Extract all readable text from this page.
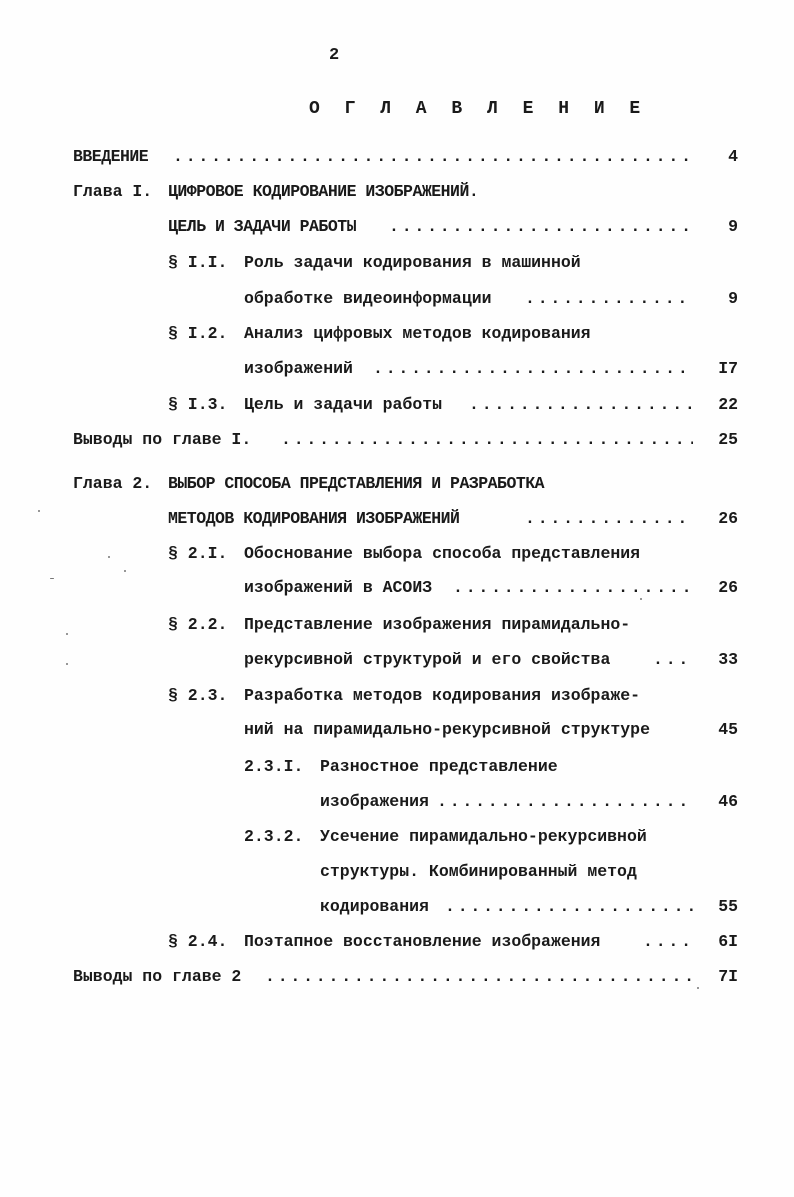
2
О Г Л А В Л Е Н И Е
ВВЕДЕНИЕ .....	4
Глава I. ЦИФРОВОЕ КОДИРОВАНИЕ ИЗОБРАЖЕНИЙ.
ЦЕЛЬ И ЗАДАЧИ РАБОТЫ .....	9
§ I.I. Роль задачи кодирования в машинной
обработке видеоинформации .....	9
§ I.2. Анализ цифровых методов кодирования
изображений .....	I7
§ I.3. Цель и задачи работы .....	22
Выводы по главе I. .....	25
Глава 2. ВЫБОР СПОСОБА ПРЕДСТАВЛЕНИЯ И РАЗРАБОТКА
МЕТОДОВ КОДИРОВАНИЯ ИЗОБРАЖЕНИЙ .....	26
§ 2.I. Обоснование выбора способа представления
изображений в АСОИЗ .....	26
§ 2.2. Представление изображения пирамидально-
рекурсивной структурой и его свойства .....	33
§ 2.3. Разработка методов кодирования изображе-
ний на пирамидально-рекурсивной структуре	45
2.3.I. Разностное представление
изображения .....	46
2.3.2. Усечение пирамидально-рекурсивной
структуры. Комбинированный метод
кодирования .....	55
§ 2.4. Поэтапное восстановление изображения .....	6I
Выводы по главе 2 .....	7I
